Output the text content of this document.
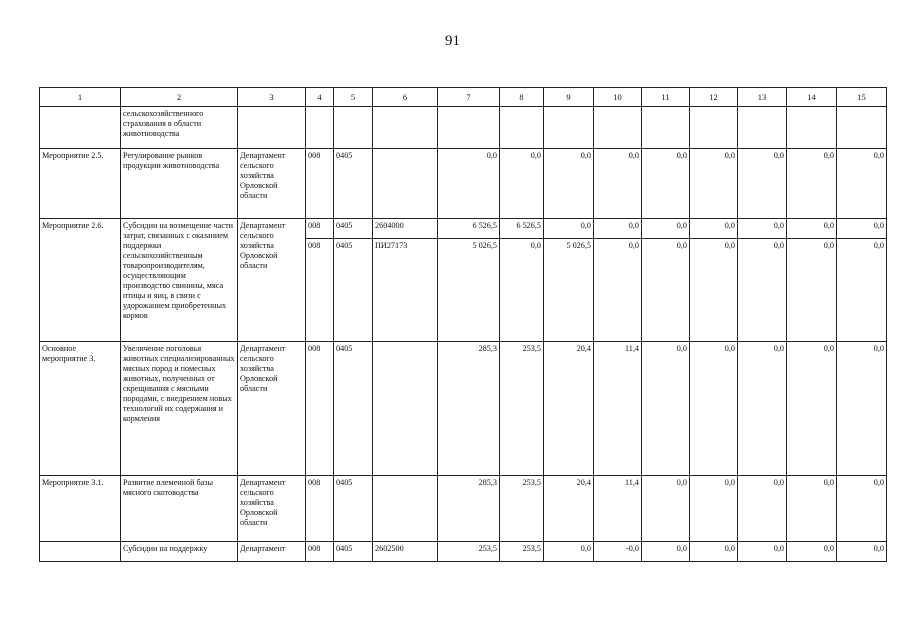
91
1	2	3	4	5	6	7	8	9	10	11	12	13	14	15
	сельскохозяйственного страхования в области животноводства													
Мероприятие 2.5.	Регулирование рынков продукции животноводства	Департамент сельского хозяйства Орловской области	008	0405		0,0	0,0	0,0	0,0	0,0	0,0	0,0	0,0	0,0
Мероприятие 2.6.	Субсидии на возмещение части затрат, связанных с оказанием поддержки сельскохозяйственным товаропроизводителям, осуществляющим производство свинины, мяса птицы и яиц, в связи с удорожанием приобретенных кормов	Департамент сельского хозяйства Орловской области	008	0405	2604000	6 526,5	6 526,5	0,0	0,0	0,0	0,0	0,0	0,0	0,0
			008	0405	ПИ27173	5 026,5	0,0	5 026,5	0,0	0,0	0,0	0,0	0,0	0,0
Основное мероприятие 3.	Увеличение поголовья животных специализированных мясных пород и помесных животных, полученных от скрещивания с мясными породами, с внедрением новых технологий их содержания и кормления	Департамент сельского хозяйства Орловской области	008	0405		285,3	253,5	20,4	11,4	0,0	0,0	0,0	0,0	0,0
Мероприятие 3.1.	Развитие племенной базы мясного скотоводства	Департамент сельского хозяйства Орловской области	008	0405		285,3	253,5	20,4	11,4	0,0	0,0	0,0	0,0	0,0
	Субсидии на поддержку	Департамент	008	0405	2602500	253,5	253,5	0,0	-0,0	0,0	0,0	0,0	0,0	0,0
